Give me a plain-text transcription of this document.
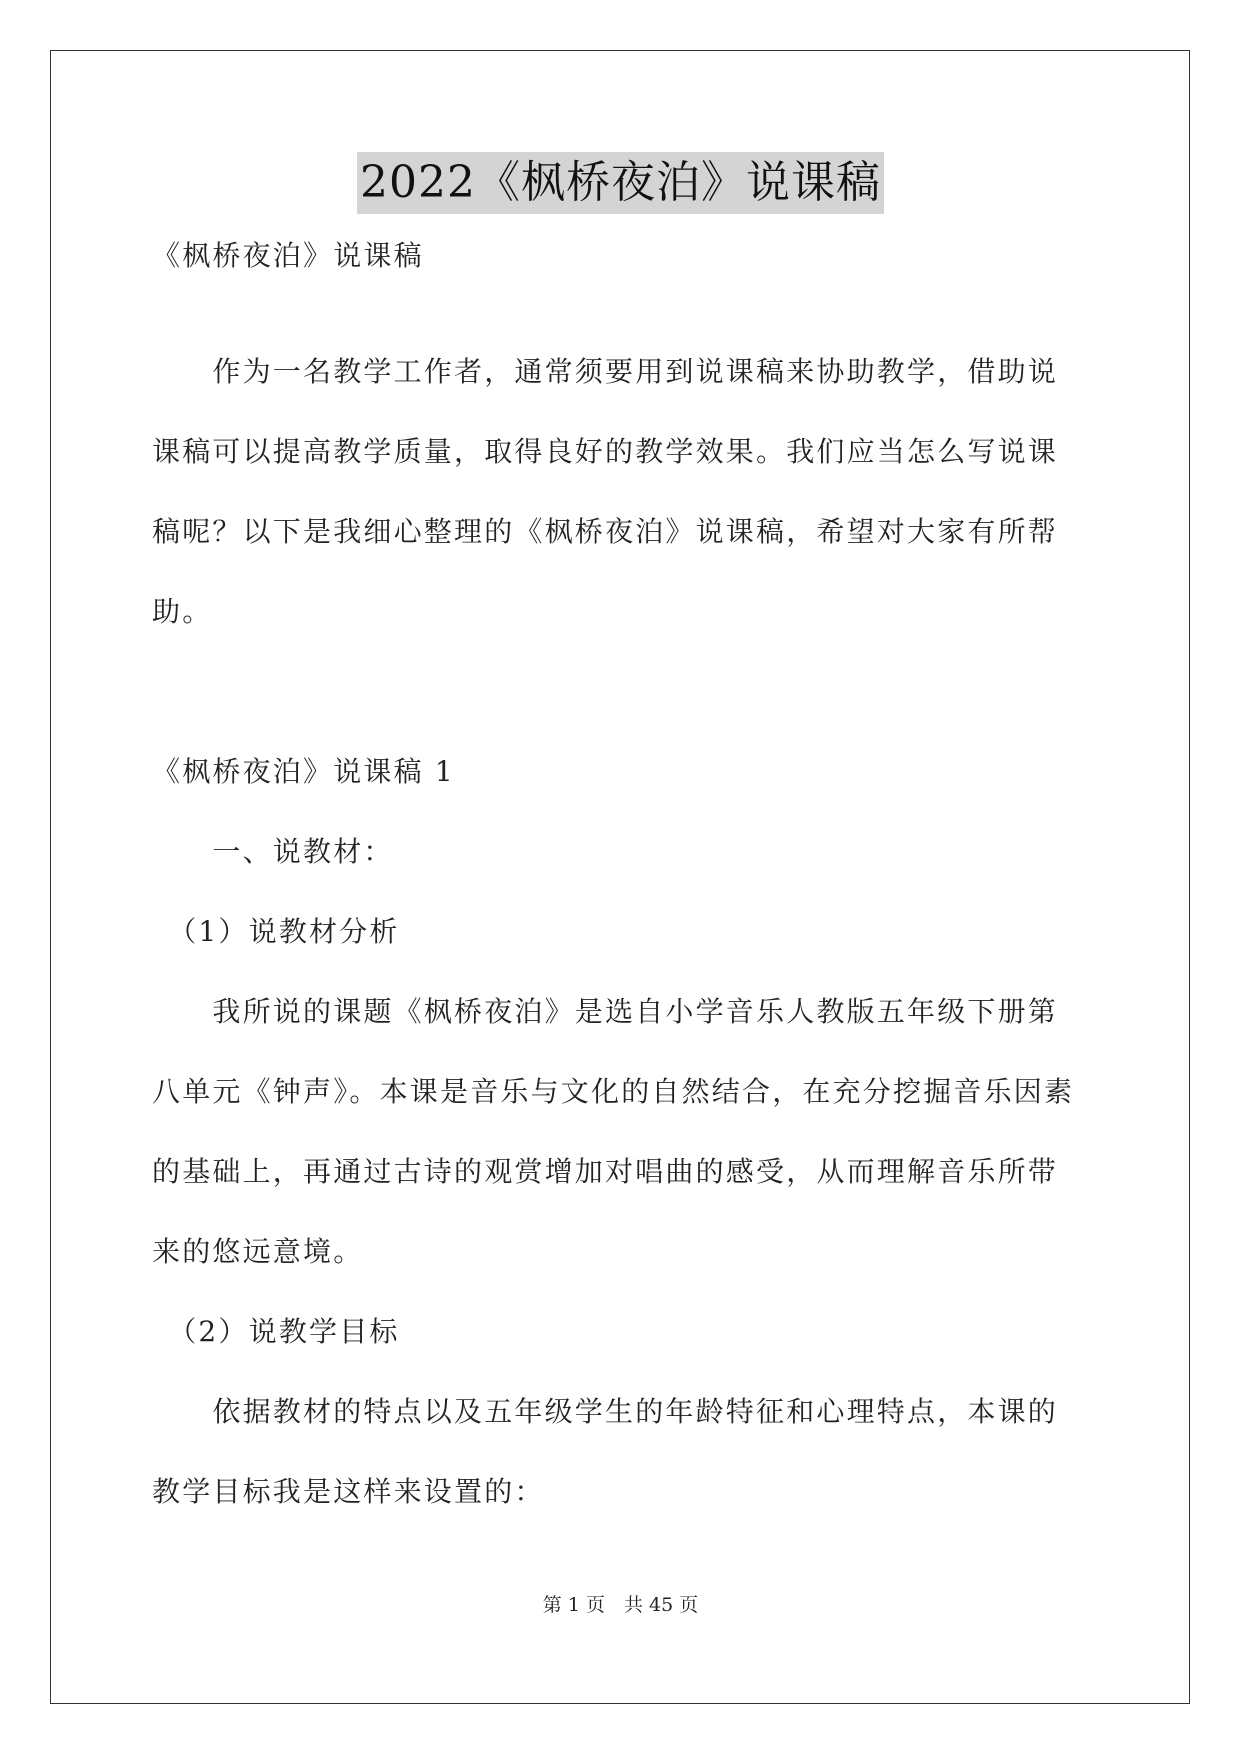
2022《枫桥夜泊》说课稿
《枫桥夜泊》说课稿
　　作为一名教学工作者，通常须要用到说课稿来协助教学，借助说
课稿可以提高教学质量，取得良好的教学效果。我们应当怎么写说课
稿呢？以下是我细心整理的《枫桥夜泊》说课稿，希望对大家有所帮
助。
《枫桥夜泊》说课稿 1
　　一、说教材：
　（1）说教材分析
　　我所说的课题《枫桥夜泊》是选自小学音乐人教版五年级下册第
八单元《钟声》。本课是音乐与文化的自然结合，在充分挖掘音乐因素
的基础上，再通过古诗的观赏增加对唱曲的感受，从而理解音乐所带
来的悠远意境。
　（2）说教学目标
　　依据教材的特点以及五年级学生的年龄特征和心理特点，本课的
教学目标我是这样来设置的：
第 1 页　共 45 页
